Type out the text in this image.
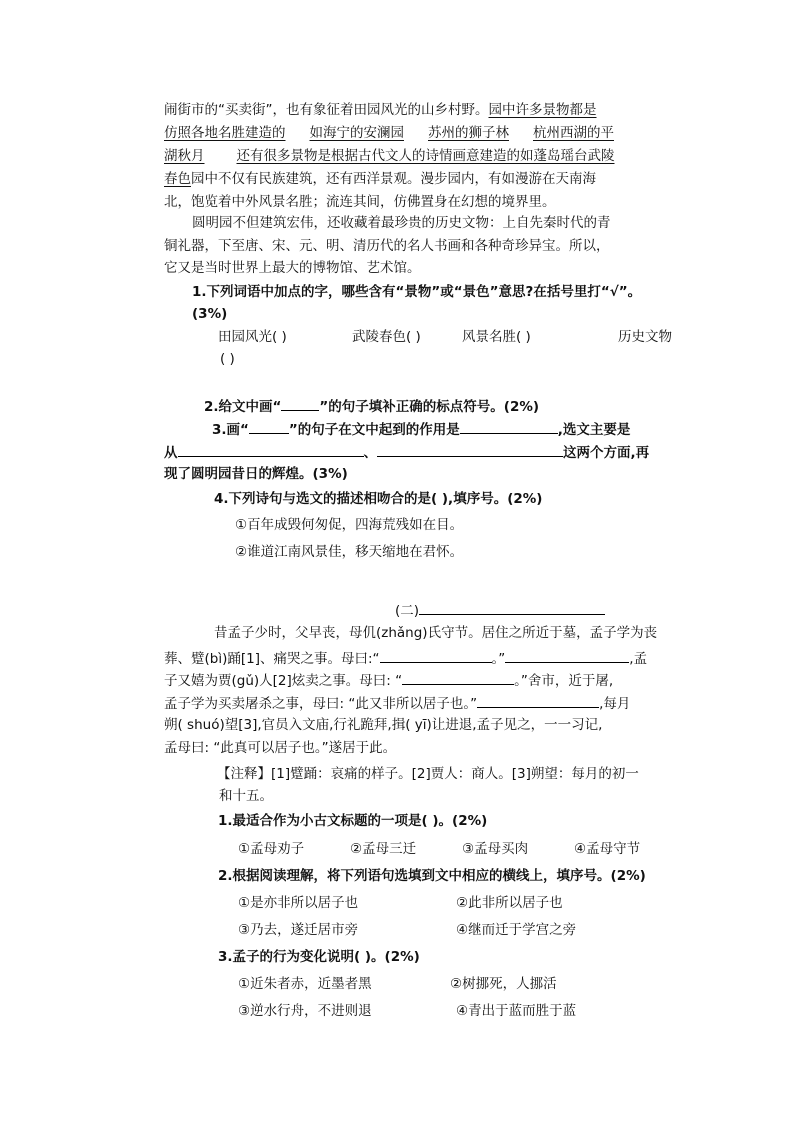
闹街市的“买卖街”，也有象征着田园风光的山乡村野。园中许多景物都是
仿照各地名胜建造的 如海宁的安澜园 苏州的狮子林 杭州西湖的平
湖秋月 还有很多景物是根据古代文人的诗情画意建造的如蓬岛瑶台武陵
春色园中不仅有民族建筑，还有西洋景观。漫步园内，有如漫游在天南海
北，饱览着中外风景名胜；流连其间，仿佛置身在幻想的境界里。
圆明园不但建筑宏伟，还收藏着最珍贵的历史文物：上自先秦时代的青
铜礼器，下至唐、宋、元、明、清历代的名人书画和各种奇珍异宝。所以，
它又是当时世界上最大的博物馆、艺术馆。
1.下列词语中加点的字，哪些含有“景物”或“景色”意思?在括号里打“√”。
(3%)
田园风光( )	武陵春色( )	风景名胜( )	历史文物
( )
2.给文中画“	”的句子填补正确的标点符号。(2%)
3.画“	”的句子在文中起到的作用是	,选文主要是
从	、	这两个方面,再
现了圆明园昔日的辉煌。(3%)
4.下列诗句与选文的描述相吻合的是( ),填序号。(2%)
①百年成毁何匆促，四海荒残如在目。
②谁道江南风景佳，移天缩地在君怀。
(二)
昔孟子少时，父早丧，母仉(zhǎng)氏守节。居住之所近于墓，孟子学为丧
葬、躄(bì)踊[1]、痛哭之事。母曰:“	。”	,孟
子又嬉为贾(gǔ)人[2]炫卖之事。母曰: “	。”舍市，近于屠,
孟子学为买卖屠杀之事，母曰: “此又非所以居子也。”	,每月
朔( shuó)望[3],官员入文庙,行礼跪拜,揖( yī)让进退,孟子见之，一一习记,
孟母曰: “此真可以居子也。”遂居于此。
【注释】[1]躄踊：哀痛的样子。[2]贾人：商人。[3]朔望：每月的初一
和十五。
1.最适合作为小古文标题的一项是( )。(2%)
①孟母劝子	②孟母三迁	③孟母买肉	④孟母守节
2.根据阅读理解，将下列语句选填到文中相应的横线上，填序号。(2%)
①是亦非所以居子也	②此非所以居子也
③乃去，遂迁居市旁	④继而迁于学宫之旁
3.孟子的行为变化说明( )。(2%)
①近朱者赤，近墨者黑	②树挪死，人挪活
③逆水行舟，不进则退	④青出于蓝而胜于蓝
